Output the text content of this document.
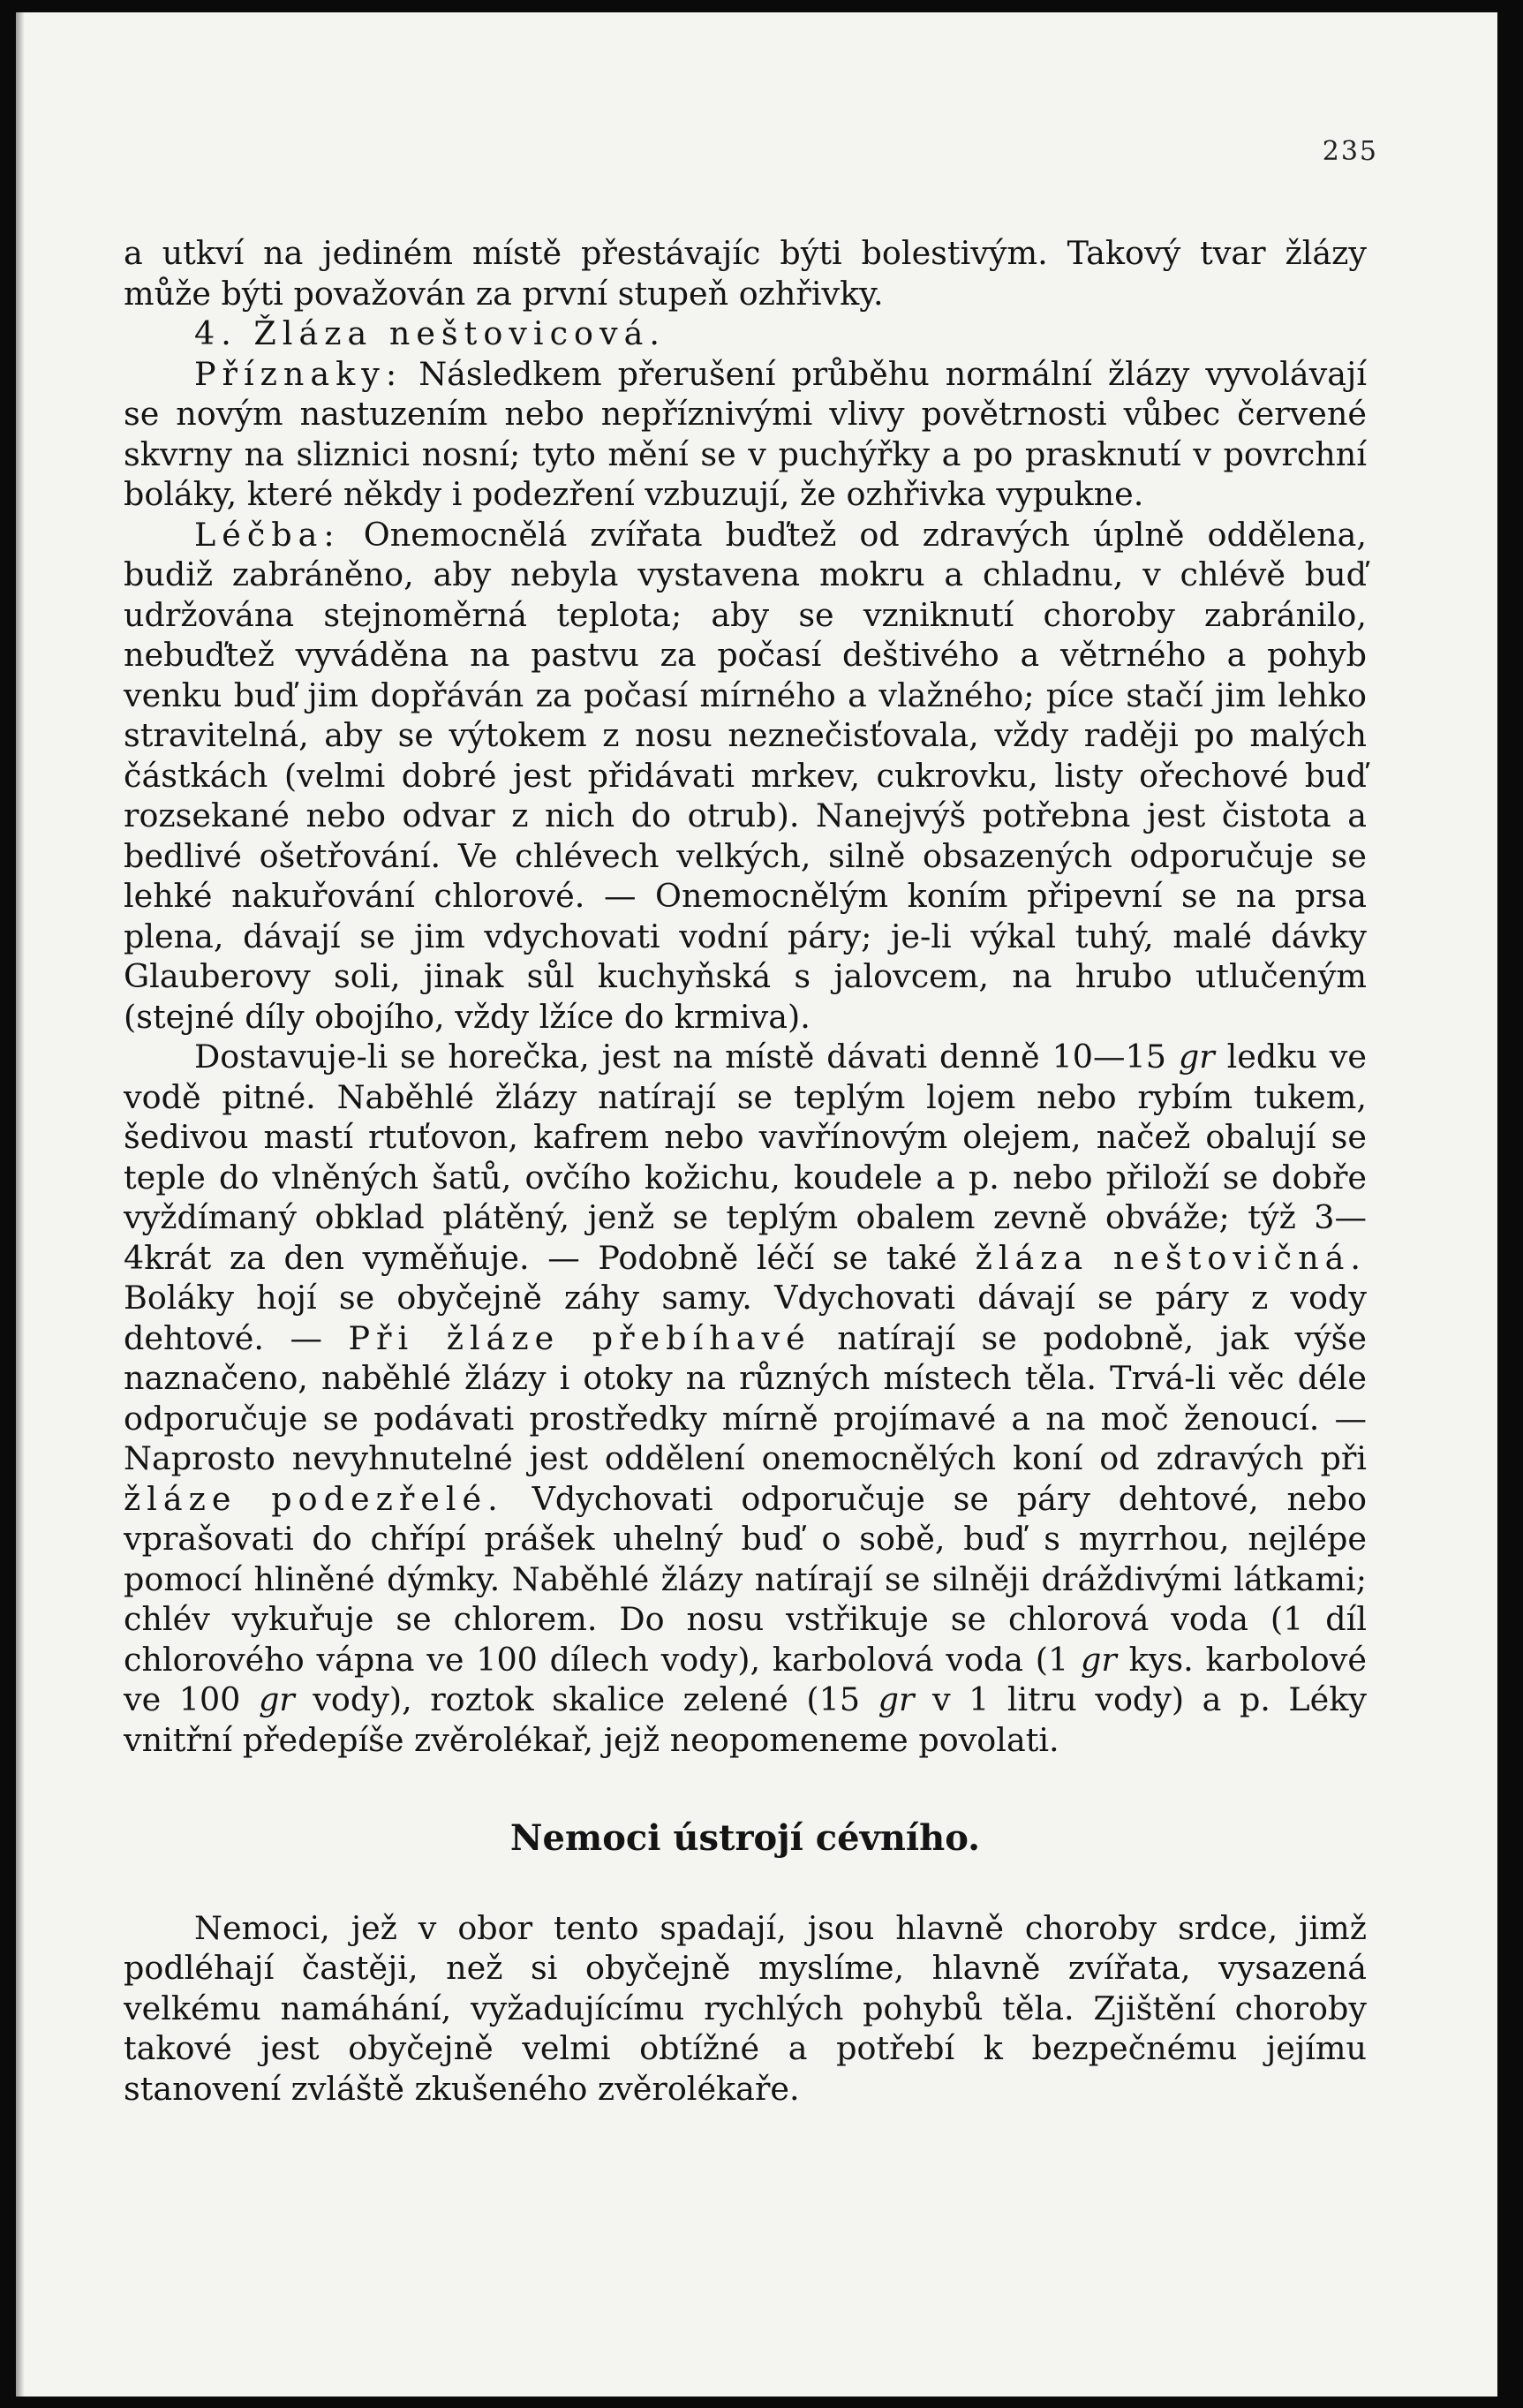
235

a utkví na jediném místě přestávajíc býti bolestivým. Takový tvar žlázy může býti považován za první stupeň ozhřivky.

4. Žláza neštovicová.

Příznaky: Následkem přerušení průběhu normální žlázy vyvolávají se novým nastuzením nebo nepříznivými vlivy povětrnosti vůbec červené skvrny na sliznici nosní; tyto mění se v puchýřky a po prasknutí v povrchní boláky, které někdy i podezření vzbuzují, že ozhřivka vypukne.

Léčba: Onemocnělá zvířata buďtež od zdravých úplně oddělena, budiž zabráněno, aby nebyla vystavena mokru a chladnu, v chlévě buď udržována stejnoměrná teplota; aby se vzniknutí choroby zabránilo, nebuďtež vyváděna na pastvu za počasí deštivého a větrného a pohyb venku buď jim dopřáván za počasí mírného a vlažného; píce stačí jim lehko stravitelná, aby se výtokem z nosu neznečisťovala, vždy raději po malých částkách (velmi dobré jest přidávati mrkev, cukrovku, listy ořechové buď rozsekané nebo odvar z nich do otrub). Nanejvýš potřebna jest čistota a bedlivé ošetřování. Ve chlévech velkých, silně obsazených odporučuje se lehké nakuřování chlorové. — Onemocnělým koním připevní se na prsa plena, dávají se jim vdychovati vodní páry; je-li výkal tuhý, malé dávky Glauberovy soli, jinak sůl kuchyňská s jalovcem, na hrubo utlučeným (stejné díly obojího, vždy lžíce do krmiva).

Dostavuje-li se horečka, jest na místě dávati denně 10—15 gr ledku ve vodě pitné. Naběhlé žlázy natírají se teplým lojem nebo rybím tukem, šedivou mastí rtuťovon, kafrem nebo vavřínovým olejem, načež obalují se teple do vlněných šatů, ovčího kožichu, koudele a p. nebo přiloží se dobře vyždímaný obklad plátěný, jenž se teplým obalem zevně obváže; týž 3—4krát za den vyměňuje. — Podobně léčí se také žláza neštovičná. Boláky hojí se obyčejně záhy samy. Vdychovati dávají se páry z vody dehtové. — Při žláze přebíhavé natírají se podobně, jak výše naznačeno, naběhlé žlázy i otoky na různých místech těla. Trvá-li věc déle odporučuje se podávati prostředky mírně projímavé a na moč ženoucí. — Naprosto nevyhnutelné jest oddělení onemocnělých koní od zdravých při žláze podezřelé. Vdychovati odporučuje se páry dehtové, nebo vprašovati do chřípí prášek uhelný buď o sobě, buď s myrrhou, nejlépe pomocí hliněné dýmky. Naběhlé žlázy natírají se silněji dráždivými látkami; chlév vykuřuje se chlorem. Do nosu vstřikuje se chlorová voda (1 díl chlorového vápna ve 100 dílech vody), karbolová voda (1 gr kys. karbolové ve 100 gr vody), roztok skalice zelené (15 gr v 1 litru vody) a p. Léky vnitřní předepíše zvěrolékař, jejž neopomeneme povolati.

Nemoci ústrojí cévního.

Nemoci, jež v obor tento spadají, jsou hlavně choroby srdce, jimž podléhají častěji, než si obyčejně myslíme, hlavně zvířata, vysazená velkému namáhání, vyžadujícímu rychlých pohybů těla. Zjištění choroby takové jest obyčejně velmi obtížné a potřebí k bezpečnému jejímu stanovení zvláště zkušeného zvěrolékaře.
